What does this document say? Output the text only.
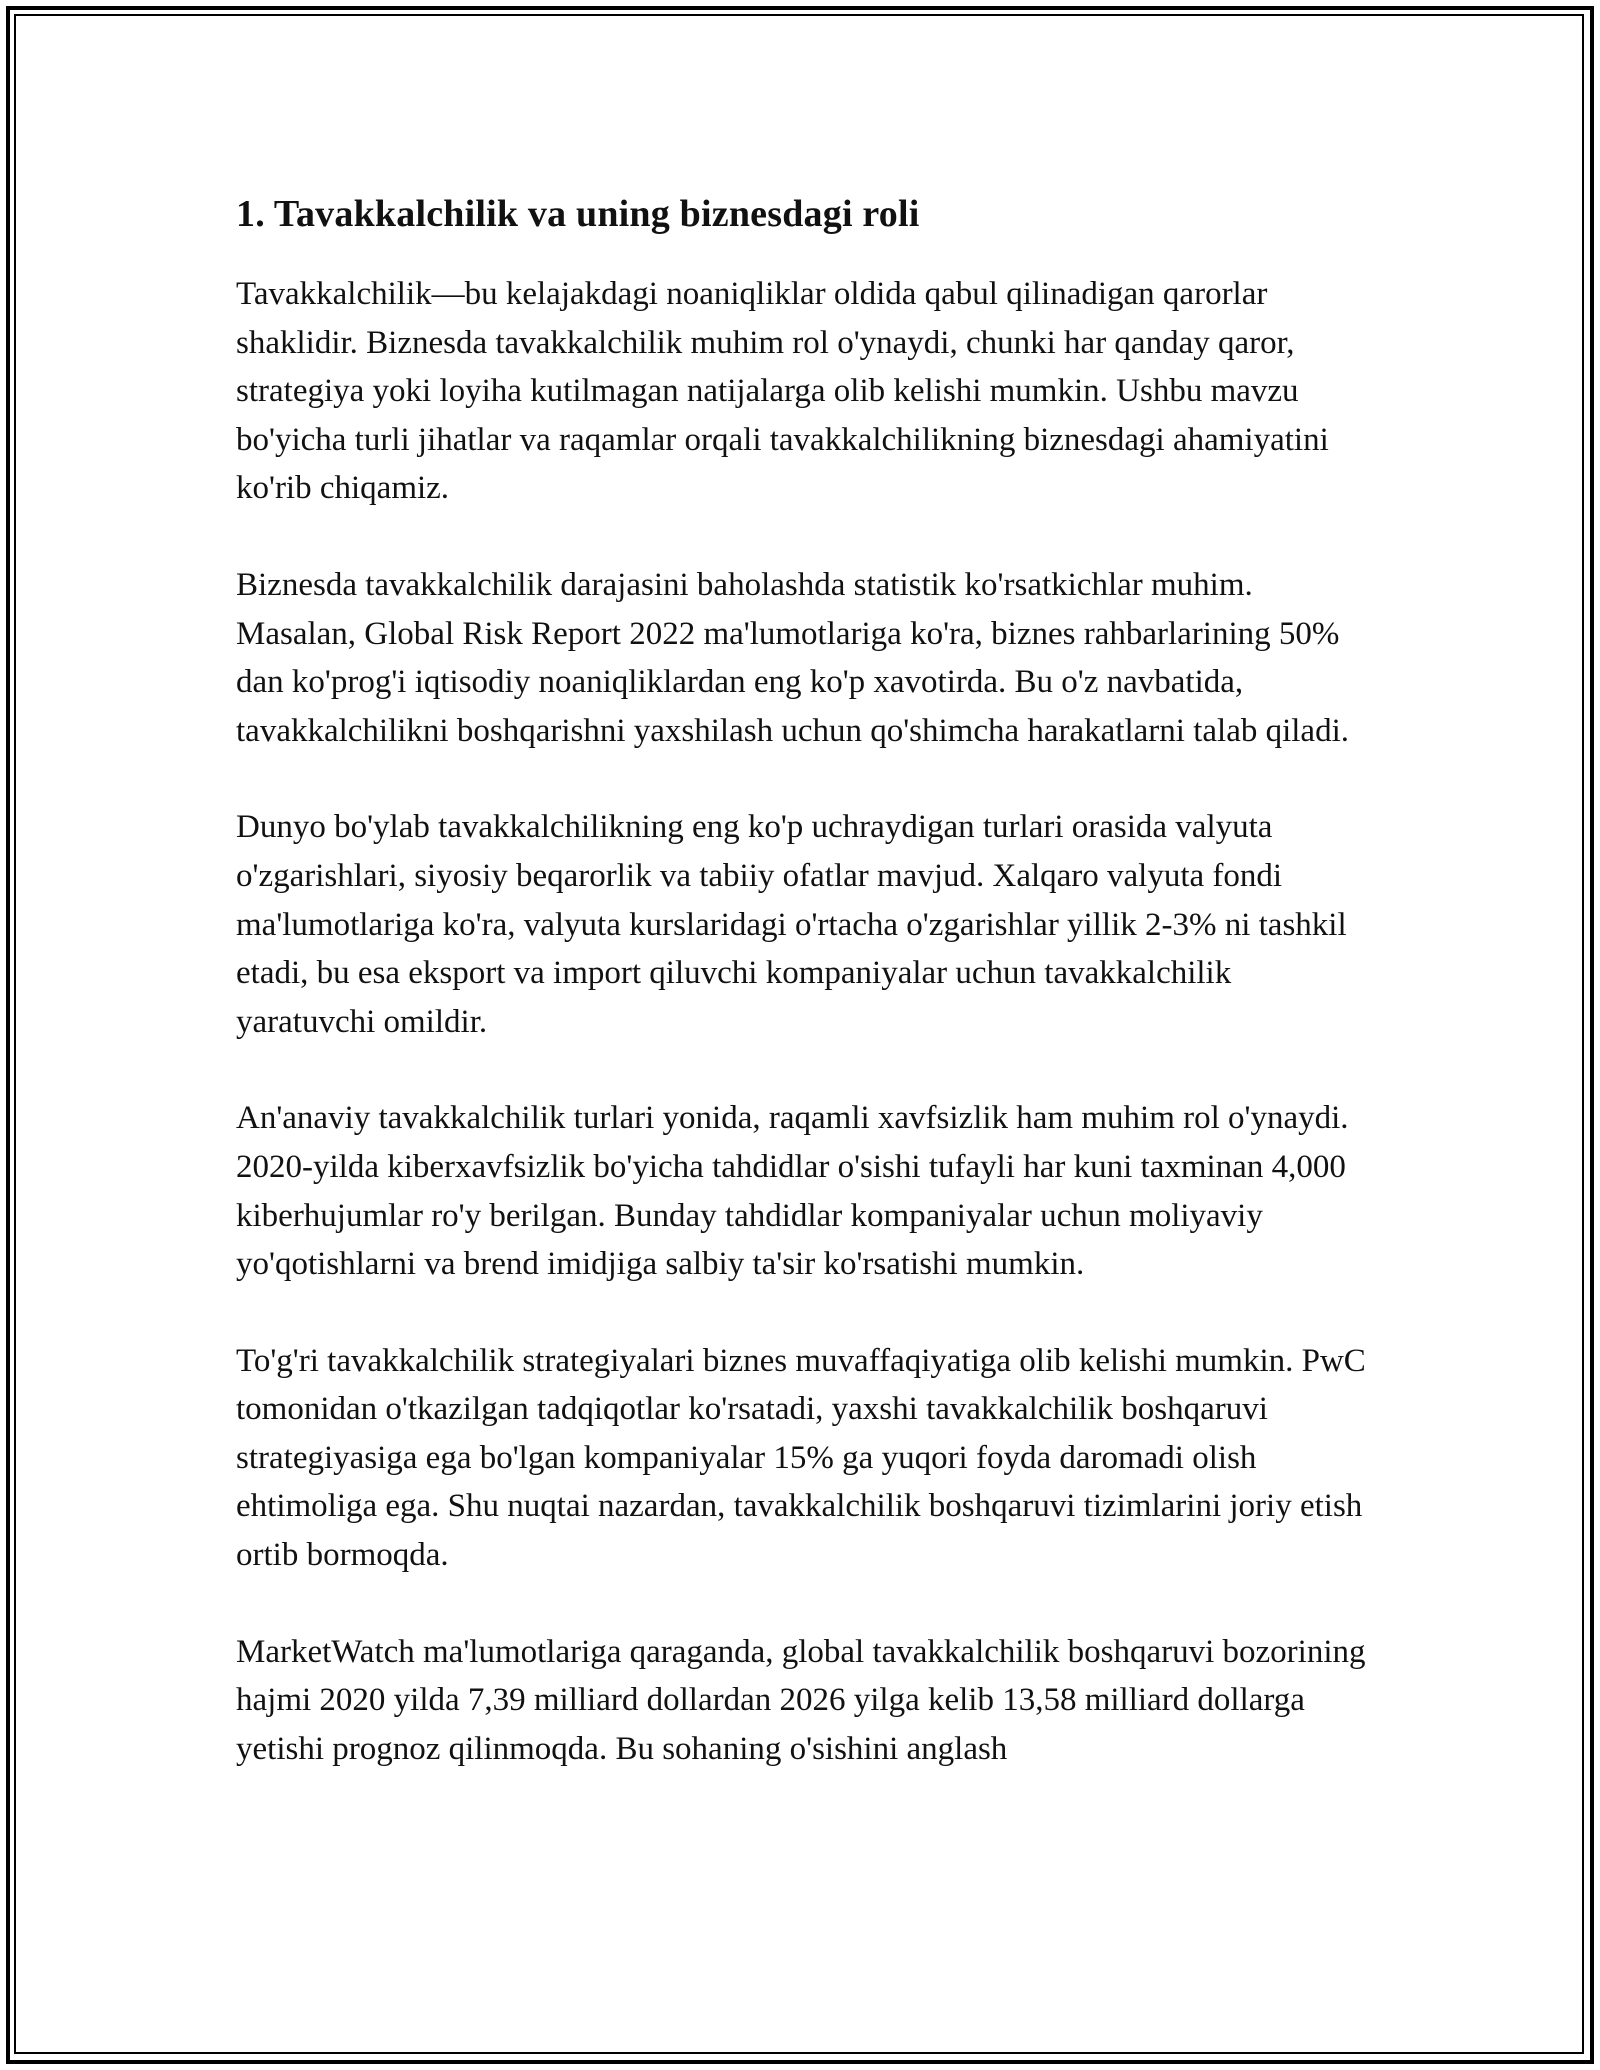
1. Tavakkalchilik va uning biznesdagi roli

Tavakkalchilik—bu kelajakdagi noaniqliklar oldida qabul qilinadigan qarorlar shaklidir. Biznesda tavakkalchilik muhim rol o'ynaydi, chunki har qanday qaror, strategiya yoki loyiha kutilmagan natijalarga olib kelishi mumkin. Ushbu mavzu bo'yicha turli jihatlar va raqamlar orqali tavakkalchilikning biznesdagi ahamiyatini ko'rib chiqamiz.

Biznesda tavakkalchilik darajasini baholashda statistik ko'rsatkichlar muhim. Masalan, Global Risk Report 2022 ma'lumotlariga ko'ra, biznes rahbarlarining 50% dan ko'prog'i iqtisodiy noaniqliklardan eng ko'p xavotirda. Bu o'z navbatida, tavakkalchilikni boshqarishni yaxshilash uchun qo'shimcha harakatlarni talab qiladi.

Dunyo bo'ylab tavakkalchilikning eng ko'p uchraydigan turlari orasida valyuta o'zgarishlari, siyosiy beqarorlik va tabiiy ofatlar mavjud. Xalqaro valyuta fondi ma'lumotlariga ko'ra, valyuta kurslaridagi o'rtacha o'zgarishlar yillik 2-3% ni tashkil etadi, bu esa eksport va import qiluvchi kompaniyalar uchun tavakkalchilik yaratuvchi omildir.

An'anaviy tavakkalchilik turlari yonida, raqamli xavfsizlik ham muhim rol o'ynaydi. 2020-yilda kiberxavfsizlik bo'yicha tahdidlar o'sishi tufayli har kuni taxminan 4,000 kiberhujumlar ro'y berilgan. Bunday tahdidlar kompaniyalar uchun moliyaviy yo'qotishlarni va brend imidjiga salbiy ta'sir ko'rsatishi mumkin.

To'g'ri tavakkalchilik strategiyalari biznes muvaffaqiyatiga olib kelishi mumkin. PwC tomonidan o'tkazilgan tadqiqotlar ko'rsatadi, yaxshi tavakkalchilik boshqaruvi strategiyasiga ega bo'lgan kompaniyalar 15% ga yuqori foyda daromadi olish ehtimoliga ega. Shu nuqtai nazardan, tavakkalchilik boshqaruvi tizimlarini joriy etish ortib bormoqda.

MarketWatch ma'lumotlariga qaraganda, global tavakkalchilik boshqaruvi bozorining hajmi 2020 yilda 7,39 milliard dollardan 2026 yilga kelib 13,58 milliard dollarga yetishi prognoz qilinmoqda. Bu sohaning o'sishini anglash
